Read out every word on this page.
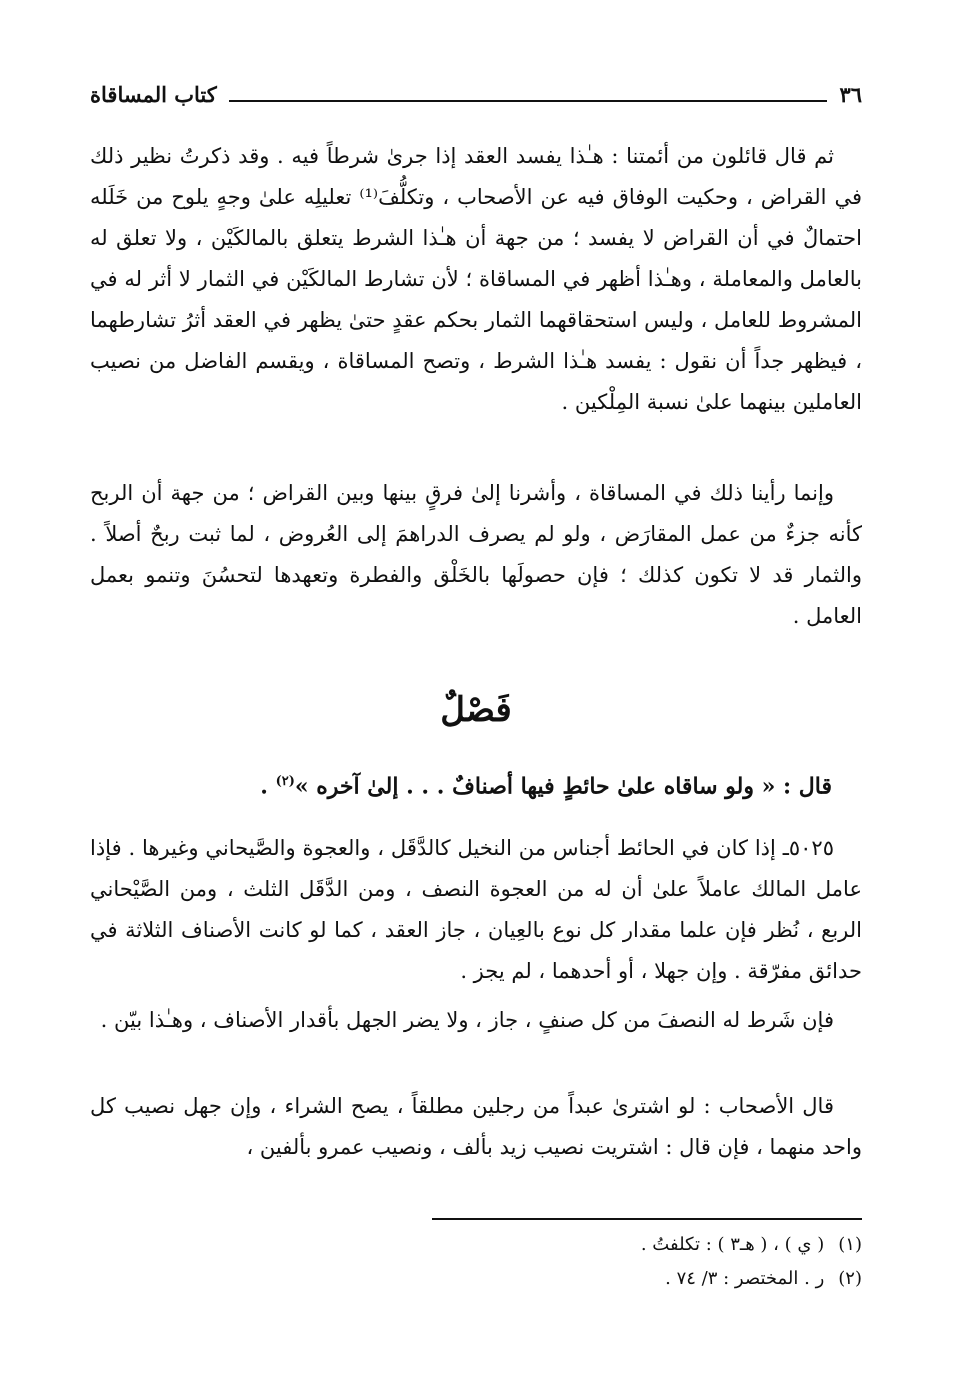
٣٦
كتاب المساقاة

ثم قال قائلون من أئمتنا : هـٰذا يفسد العقد إذا جرىٰ شرطاً فيه . وقد ذكرتُ نظير ذلك في القراض ، وحكيت الوفاق فيه عن الأصحاب ، وتكلُّفَ⁽¹⁾ تعليلِه علىٰ وجهٍ يلوح من خَلَله احتمالٌ في أن القراض لا يفسد ؛ من جهة أن هـٰذا الشرط يتعلق بالمالكَيْن ، ولا تعلق له بالعامل والمعاملة ، وهـٰذا أظهر في المساقاة ؛ لأن تشارط المالكَيْن في الثمار لا أثر له في المشروط للعامل ، وليس استحقاقهما الثمار بحكم عقدٍ حتىٰ يظهر في العقد أثرُ تشارطهما ، فيظهر جداً أن نقول : يفسد هـٰذا الشرط ، وتصح المساقاة ، ويقسم الفاضل من نصيب العاملين بينهما علىٰ نسبة المِلْكين .

وإنما رأينا ذلك في المساقاة ، وأشرنا إلىٰ فرقٍ بينها وبين القراض ؛ من جهة أن الربح كأنه جزءٌ من عمل المقارَض ، ولو لم يصرف الدراهمَ إلى العُروض ، لما ثبت ربحٌ أصلاً . والثمار قد لا تكون كذلك ؛ فإن حصولَها بالخَلْق والفطرة وتعهدها لتحسُنَ وتنمو بعمل العامل .

فَصْلٌ
قال : « ولو ساقاه علىٰ حائطٍ فيها أصنافٌ . . . إلىٰ آخره »$^{(٢)}$ .

٥٠٢٥ـ إذا كان في الحائط أجناس من النخيل كالدَّقَل ، والعجوة والصَّيحاني وغيرها . فإذا عامل المالك عاملاً علىٰ أن له من العجوة النصف ، ومن الدَّقَل الثلث ، ومن الصَّيْحاني الربع ، نُظر فإن علما مقدار كل نوع بالعِيان ، جاز العقد ، كما لو كانت الأصناف الثلاثة في حدائق مفرّقة . وإن جهلا ، أو أحدهما ، لم يجز .

فإن شَرط له النصفَ من كل صنفٍ ، جاز ، ولا يضر الجهل بأقدار الأصناف ، وهـٰذا بيّن .

قال الأصحاب : لو اشترىٰ عبداً من رجلين مطلقاً ، يصح الشراء ، وإن جهل نصيب كل واحد منهما ، فإن قال : اشتريت نصيب زيد بألف ، ونصيب عمرو بألفين ،

(١)
( ي ) ، ( هـ٣ ) : تكلفتُ .
(٢)
ر . المختصر : ٣/ ٧٤ .
